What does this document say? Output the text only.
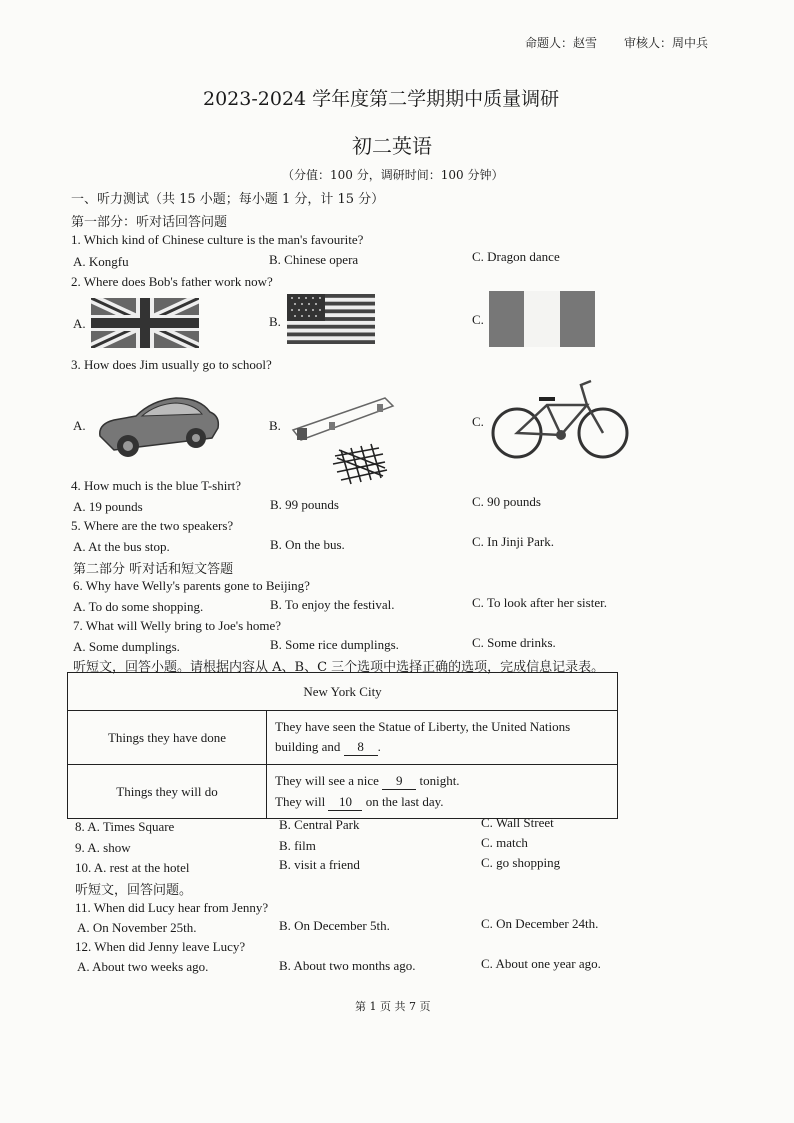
命题人：赵雪 审核人：周中兵
2023-2024 学年度第二学期期中质量调研
初二英语
（分值：100 分，调研时间：100 分钟）
一、听力测试（共 15 小题；每小题 1 分，计 15 分）
第一部分：听对话回答问题
1. Which kind of Chinese culture is the man's favourite?
A. Kongfu	B. Chinese opera	C. Dragon dance
2. Where does Bob's father work now?
A.	B.	C.
3. How does Jim usually go to school?
A.	B.	C.
4. How much is the blue T-shirt?
A. 19 pounds	B. 99 pounds	C. 90 pounds
5. Where are the two speakers?
A. At the bus stop.	B. On the bus.	C. In Jinji Park.
第二部分 听对话和短文答题
6. Why have Welly's parents gone to Beijing?
A. To do some shopping.	B. To enjoy the festival.	C. To look after her sister.
7. What will Welly bring to Joe's home?
A. Some dumplings.	B. Some rice dumplings.	C. Some drinks.
听短文，回答小题。请根据内容从 A、B、C 三个选项中选择正确的选项，完成信息记录表。
New York City	
Things they have done	They have seen the Statue of Liberty, the United Nations
building and 8 .

Things they will do	They will see a nice 9 tonight.
They will 10 on the last day.
8. A. Times Square	B. Central Park	C. Wall Street
9. A. show	B. film	C. match
10. A. rest at the hotel	B. visit a friend	C. go shopping
听短文，回答问题。
11. When did Lucy hear from Jenny?
A. On November 25th.	B. On December 5th.	C. On December 24th.
12. When did Jenny leave Lucy?
A. About two weeks ago.	B. About two months ago.	C. About one year ago.
第 1 页 共 7 页
